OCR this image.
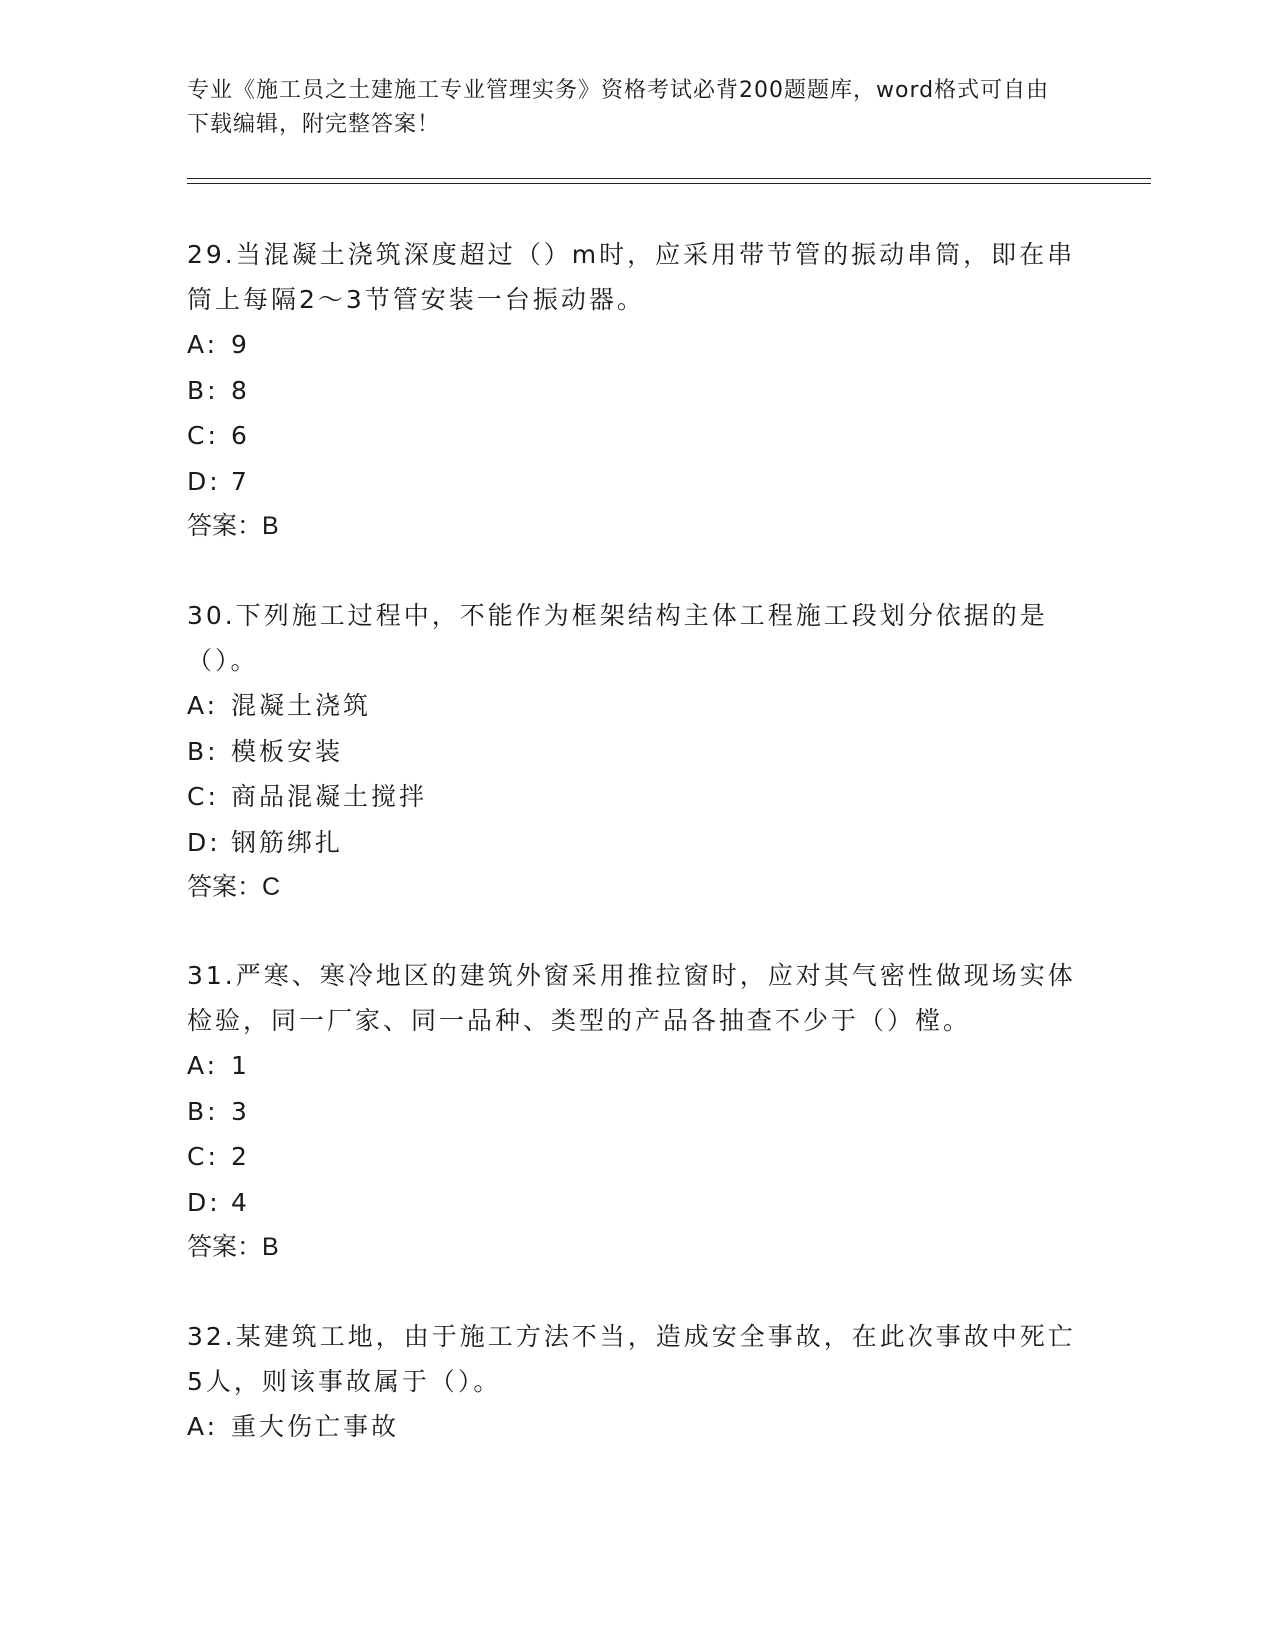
专业《施工员之土建施工专业管理实务》资格考试必背200题题库，word格式可自由下载编辑，附完整答案！

29.当混凝土浇筑深度超过（）m时，应采用带节管的振动串筒，即在串筒上每隔2～3节管安装一台振动器。

A: 9

B: 8

C: 6

D: 7

答案：B

30.下列施工过程中，不能作为框架结构主体工程施工段划分依据的是（）。

A: 混凝土浇筑

B: 模板安装

C: 商品混凝土搅拌

D: 钢筋绑扎

答案：C

31.严寒、寒冷地区的建筑外窗采用推拉窗时，应对其气密性做现场实体检验，同一厂家、同一品种、类型的产品各抽查不少于（）樘。

A: 1

B: 3

C: 2

D: 4

答案：B

32.某建筑工地，由于施工方法不当，造成安全事故，在此次事故中死亡5人，则该事故属于（）。

A: 重大伤亡事故
